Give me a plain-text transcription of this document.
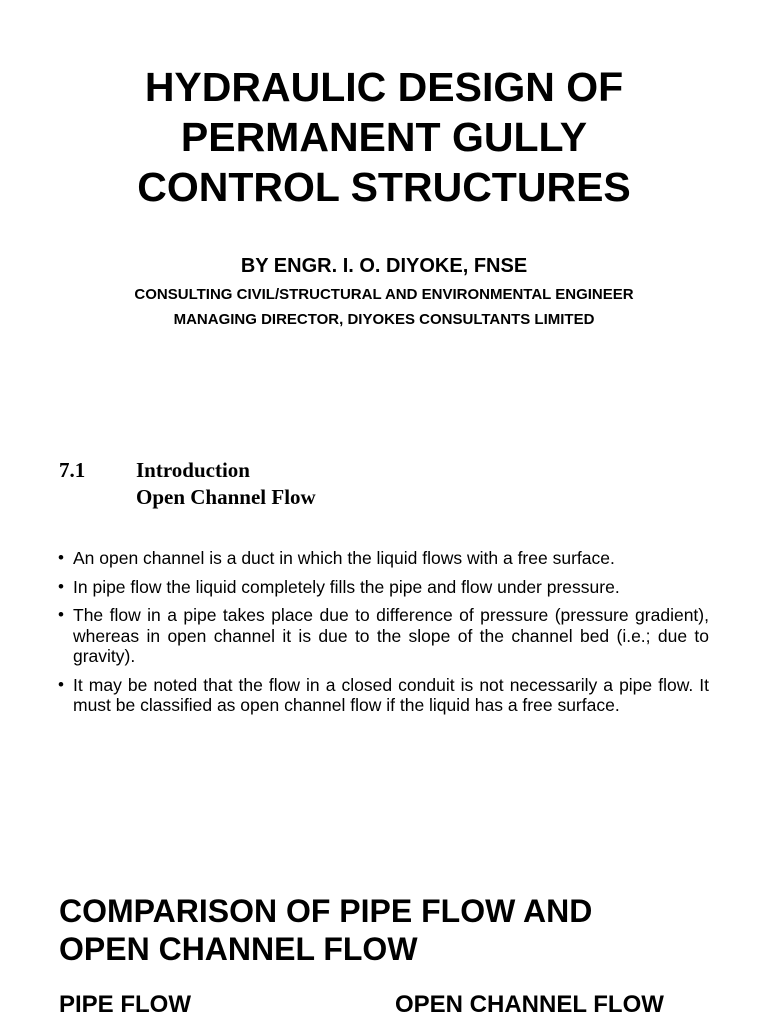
HYDRAULIC DESIGN OF
PERMANENT GULLY
CONTROL STRUCTURES

BY ENGR. I. O. DIYOKE, FNSE

CONSULTING CIVIL/STRUCTURAL AND ENVIRONMENTAL ENGINEER

MANAGING DIRECTOR, DIYOKES CONSULTANTS LIMITED

7.1 Introduction
Open Channel Flow
• An open channel is a duct in which the liquid flows with a free surface.
• In pipe flow the liquid completely fills the pipe and flow under pressure.
• The flow in a pipe takes place due to difference of pressure (pressure gradient), whereas in open channel it is due to the slope of the channel bed (i.e.; due to gravity).
• It may be noted that the flow in a closed conduit is not necessarily a pipe flow. It must be classified as open channel flow if the liquid has a free surface.
COMPARISON OF PIPE FLOW AND
OPEN CHANNEL FLOW
PIPE FLOW	OPEN CHANNEL FLOW
